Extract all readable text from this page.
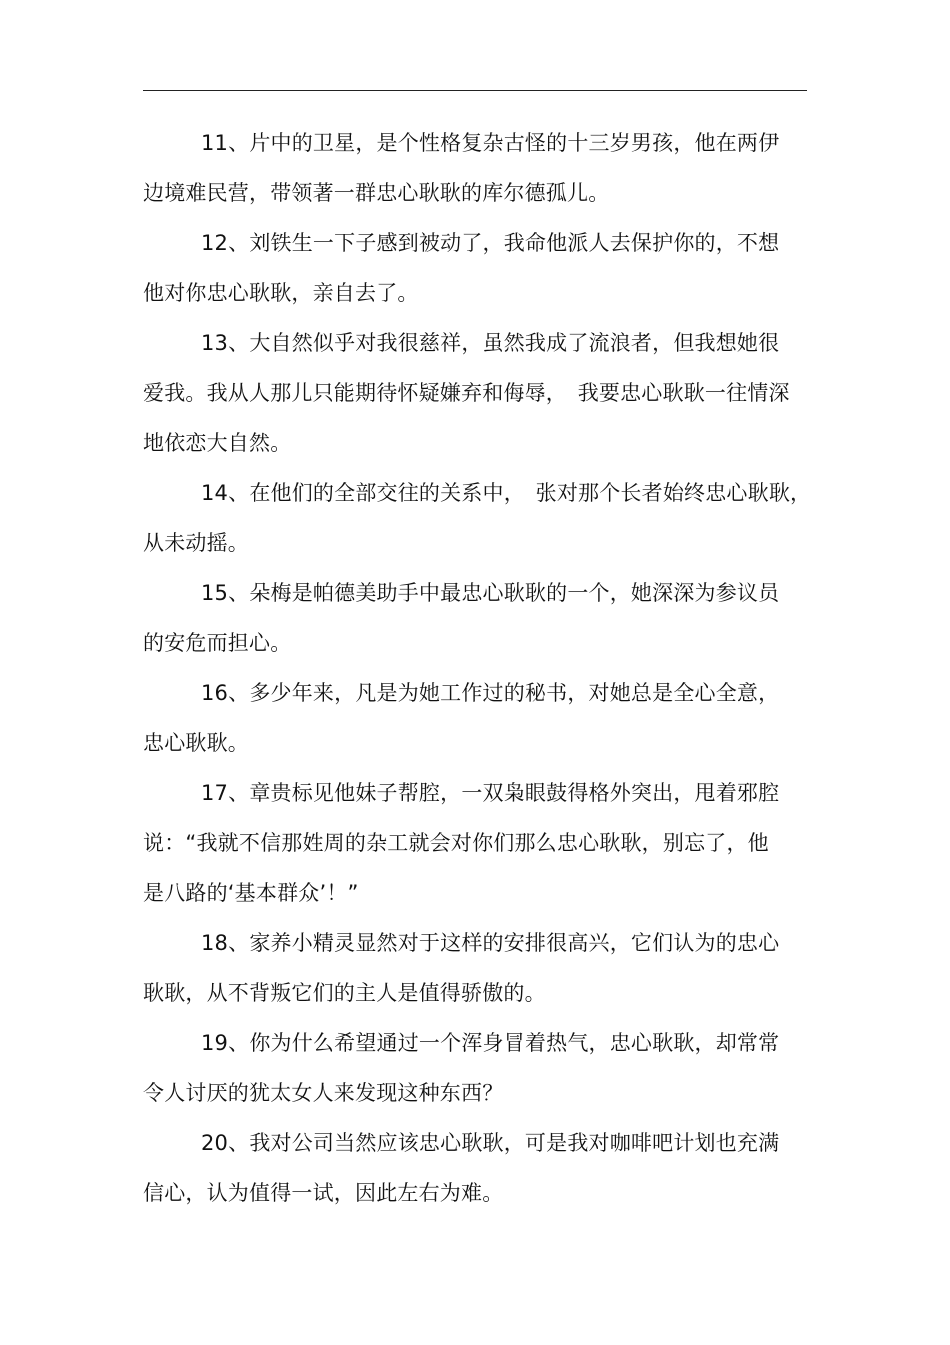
11、片中的卫星，是个性格复杂古怪的十三岁男孩，他在两伊
边境难民营，带领著一群忠心耿耿的库尔德孤儿。
12、刘铁生一下子感到被动了，我命他派人去保护你的，不想
他对你忠心耿耿，亲自去了。
13、大自然似乎对我很慈祥，虽然我成了流浪者，但我想她很
爱我。我从人那儿只能期待怀疑嫌弃和侮辱，　我要忠心耿耿一往情深
地依恋大自然。
14、在他们的全部交往的关系中，　张对那个长者始终忠心耿耿，
从未动摇。
15、朵梅是帕德美助手中最忠心耿耿的一个，她深深为参议员
的安危而担心。
16、多少年来，凡是为她工作过的秘书，对她总是全心全意，
忠心耿耿。
17、章贵标见他妹子帮腔，一双枭眼鼓得格外突出，甩着邪腔
说：“我就不信那姓周的杂工就会对你们那么忠心耿耿，别忘了，他
是八路的‘基本群众’！”
18、家养小精灵显然对于这样的安排很高兴，它们认为的忠心
耿耿，从不背叛它们的主人是值得骄傲的。
19、你为什么希望通过一个浑身冒着热气，忠心耿耿，却常常
令人讨厌的犹太女人来发现这种东西？
20、我对公司当然应该忠心耿耿，可是我对咖啡吧计划也充满
信心，认为值得一试，因此左右为难。
